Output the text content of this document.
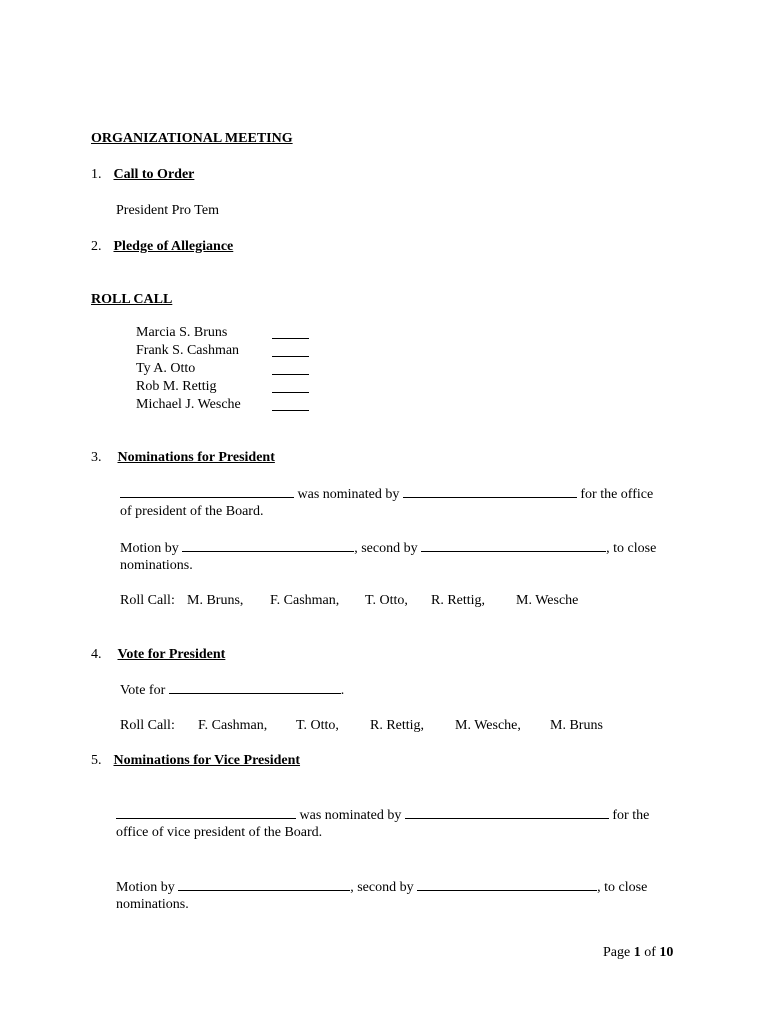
ORGANIZATIONAL MEETING
1. Call to Order
President Pro Tem
2. Pledge of Allegiance
ROLL CALL
Marcia S. Bruns
Frank S. Cashman
Ty A. Otto
Rob M. Rettig
Michael J. Wesche
3. Nominations for President
was nominated by	for the office
of president of the Board.
Motion by	, second by	, to close
nominations.
Roll Call: M. Bruns, F. Cashman, T. Otto, R. Rettig, M. Wesche
4. Vote for President
Vote for	.
Roll Call: F. Cashman, T. Otto, R. Rettig, M. Wesche, M. Bruns
5. Nominations for Vice President
was nominated by	for the
office of vice president of the Board.
Motion by	, second by	, to close
nominations.
Page 1 of 10
